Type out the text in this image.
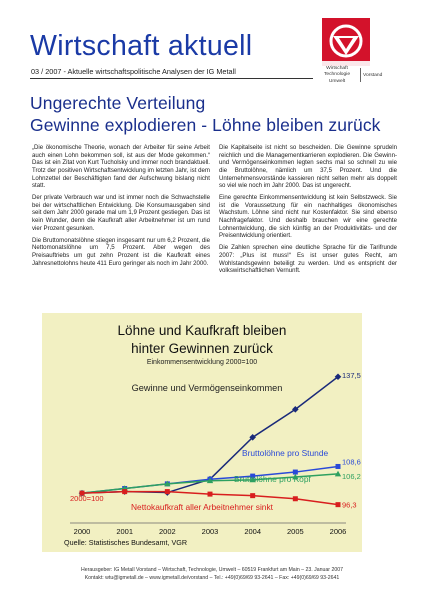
Wirtschaft aktuell
03 / 2007 - Aktuelle wirtschaftspolitische Analysen der IG Metall	Wirtschaft
Technologie
Umwelt
Vorstand
Ungerechte Verteilung
Gewinne explodieren - Löhne bleiben zurück

„Die ökonomische Theorie, wonach der Arbeiter für seine Arbeit auch einen Lohn bekommen soll, ist aus der Mode gekommen.“ Das ist ein Zitat von Kurt Tucholsky und immer noch brandaktuell. Trotz der positiven Wirtschaftsentwicklung im letzten Jahr, ist dem Lohnzettel der Beschäftigten fand der Aufschwung bislang nicht statt.

Der private Verbrauch war und ist immer noch die Schwachstelle bei der wirtschaftlichen Entwicklung. Die Konsumausgaben sind seit dem Jahr 2000 gerade mal um 1,9 Prozent gestiegen. Das ist kein Wunder, denn die Kaufkraft aller Arbeitnehmer ist um rund vier Prozent gesunken.

Die Bruttomonatslöhne stiegen insgesamt nur um 6,2 Prozent, die Nettomonatslöhne um 7,5 Prozent. Aber wegen des Preisauftriebs um gut zehn Prozent ist die Kaufkraft eines Jahresnettolohns heute 411 Euro geringer als noch im Jahr 2000.

Die Kapitalseite ist nicht so bescheiden. Die Gewinne sprudeln reichlich und die Managementkarrieren explodieren. Die Gewinn- und Vermögenseinkommen legten sechs mal so schnell zu wie die Bruttolöhne, nämlich um 37,5 Prozent. Und die Unternehmensvorstände kassieren nicht selten mehr als doppelt so viel wie noch im Jahr 2000. Das ist ungerecht.

Eine gerechte Einkommensentwicklung ist kein Selbstzweck. Sie ist die Voraussetzung für ein nachhaltiges ökonomisches Wachstum. Löhne sind nicht nur Kostenfaktor. Sie sind ebenso Nachfragefaktor. Und deshalb brauchen wir eine gerechte Lohnentwicklung, die sich künftig an der Produktivitäts- und der Preisentwicklung orientiert.

Die Zahlen sprechen eine deutliche Sprache für die Tarifrunde 2007: „Plus ist muss!“ Es ist unser gutes Recht, am Wohlstandsgewinn beteiligt zu werden. Und es entspricht der volkswirtschaftlichen Vernunft.

Löhne und Kaufkraft bleiben
hinter Gewinnen zurück
Einkommensentwicklung 2000=100
2000	2001	2002	2003	2004	2005	2006
137,5
108,6
106,2
96,3
Gewinne und Vermögenseinkommen
Bruttolöhne pro Stunde
Bruttolöhne pro Kopf
Nettokaufkraft aller Arbeitnehmer sinkt
2000=100
Quelle: Statistisches Bundesamt, VGR
Herausgeber: IG Metall Vorstand – Wirtschaft, Technologie, Umwelt – 60519 Frankfurt am Main – 23. Januar 2007
Kontakt: wtu@igmetall.de – www.igmetall.de/vorstand – Tel.: +49(0)69/69 93-2641 – Fax: +49(0)69/69 93-2641
